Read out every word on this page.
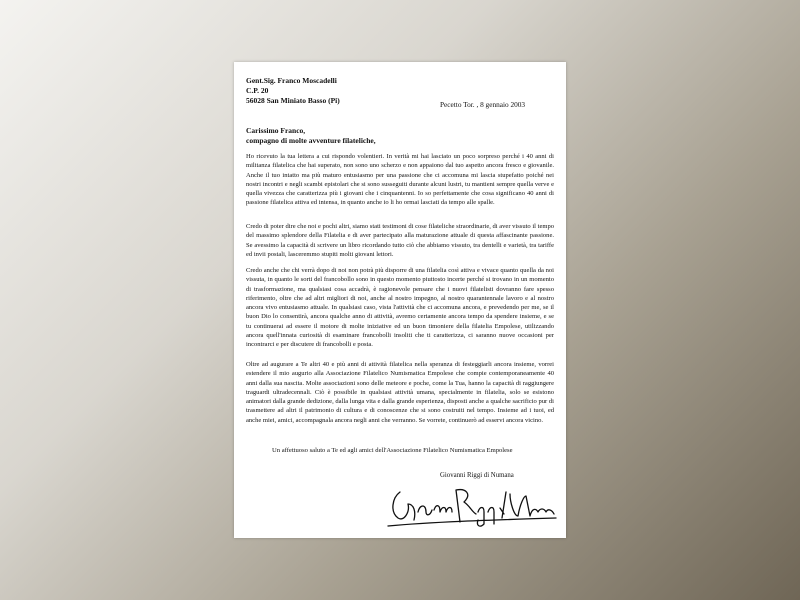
Gent.Sig. Franco Moscadelli
C.P. 20
56028 San Miniato Basso (Pi)	Pecetto Tor. , 8 gennaio 2003
Carissimo Franco,
compagno di molte avventure filateliche,
Ho ricevuto la tua lettera a cui rispondo volentieri. In verità mi hai lasciato un poco sorpreso perché i 40 anni di militanza filatelica che hai superato, non sono uno scherzo e non appaiono dal tuo aspetto ancora fresco e giovanile. Anche il tuo intatto ma più maturo entusiasmo per una passione che ci accomuna mi lascia stupefatto poiché nei nostri incontri e negli scambi epistolari che si sono susseguiti durante alcuni lustri, tu mantieni sempre quella verve e quella vivezza che caratterizza più i giovani che i cinquantenni. Io so perfettamente che cosa significano 40 anni di passione filatelica attiva ed intensa, in quanto anche io li ho ormai lasciati da tempo alle spalle.
Credo di poter dire che noi e pochi altri, siamo stati testimoni di cose filateliche straordinarie, di aver vissuto il tempo del massimo splendore della Filatelia e di aver partecipato alla maturazione attuale di questa affascinante passione. Se avessimo la capacità di scrivere un libro ricordando tutto ciò che abbiamo vissuto, tra dentelli e varietà, tra tariffe ed invii postali, lasceremmo stupiti molti giovani lettori.
Credo anche che chi verrà dopo di noi non potrà più disporre di una filatelia così attiva e vivace quanto quella da noi vissuta, in quanto le sorti del francobollo sono in questo momento piuttosto incerte perché si trovano in un momento di trasformazione, ma qualsiasi cosa accadrà, è ragionevole pensare che i nuovi filatelisti dovranno fare spesso riferimento, oltre che ad altri migliori di noi, anche al nostro impegno, al nostro quarantennale lavoro e al nostro ancora vivo entusiasmo attuale. In qualsiasi caso, vista l'attività che ci accomuna ancora, e prevedendo per me, se il buon Dio lo consentirà, ancora qualche anno di attività, avremo certamente ancora tempo da spendere insieme, e se tu continuerai ad essere il motore di molte iniziative ed un buon timoniere della filatelia Empolese, utilizzando ancora quell'innata curiosità di esaminare francobolli insoliti che ti caratterizza, ci saranno nuove occasioni per incontrarci e per discutere di francobolli e posta.
Oltre ad augurare a Te altri 40 e più anni di attività filatelica nella speranza di festeggiarli ancora insieme, vorrei estendere il mio augurio alla Associazione Filatelico Numismatica Empolese che compie contemporaneamente 40 anni dalla sua nascita. Molte associazioni sono delle meteore e poche, come la Tua, hanno la capacità di raggiungere traguardi ultradecennali. Ciò è possibile in qualsiasi attività umana, specialmente in filatelia, solo se esistono animatori dalla grande dedizione, dalla lunga vita e dalla grande esperienza, disposti anche a qualche sacrificio pur di trasmettere ad altri il patrimonio di cultura e di conoscenze che si sono costruiti nel tempo. Insieme ad i tuoi, ed anche miei, amici, accompagnala ancora negli anni che verranno. Se vorrete, continuerò ad esservi ancora vicino.
Un affettuoso saluto a Te ed agli amici dell'Associazione Filatelico Numismatica Empolese
Giovanni Riggi di Numana
